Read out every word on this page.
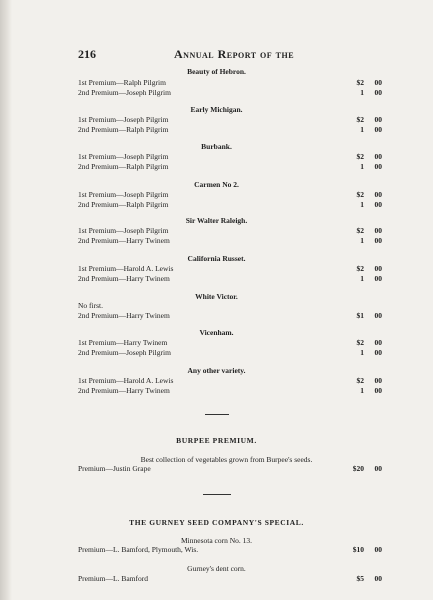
216	Annual Report of the
Beauty of Hebron.
1st Premium—Ralph Pilgrim	$2 00
2nd Premium—Joseph Pilgrim	1 00
Early Michigan.
1st Premium—Joseph Pilgrim	$2 00
2nd Premium—Ralph Pilgrim	1 00
Burbank.
1st Premium—Joseph Pilgrim	$2 00
2nd Premium—Ralph Pilgrim	1 00
Carmen No 2.
1st Premium—Joseph Pilgrim	$2 00
2nd Premium—Ralph Pilgrim	1 00
Sir Walter Raleigh.
1st Premium—Joseph Pilgrim	$2 00
2nd Premium—Harry Twinem	1 00
California Russet.
1st Premium—Harold A. Lewis	$2 00
2nd Premium—Harry Twinem	1 00
White Victor.
No first.
2nd Premium—Harry Twinem	$1 00
Vicenham.
1st Premium—Harry Twinem	$2 00
2nd Premium—Joseph Pilgrim	1 00
Any other variety.
1st Premium—Harold A. Lewis	$2 00
2nd Premium—Harry Twinem	1 00
BURPEE PREMIUM.
Best collection of vegetables grown from Burpee's seeds.
Premium—Justin Grape	$20 00
THE GURNEY SEED COMPANY'S SPECIAL.
Minnesota corn No. 13.
Premium—L. Bamford, Plymouth, Wis.	$10 00
Gurney's dent corn.
Premium—L. Bamford	$5 00
